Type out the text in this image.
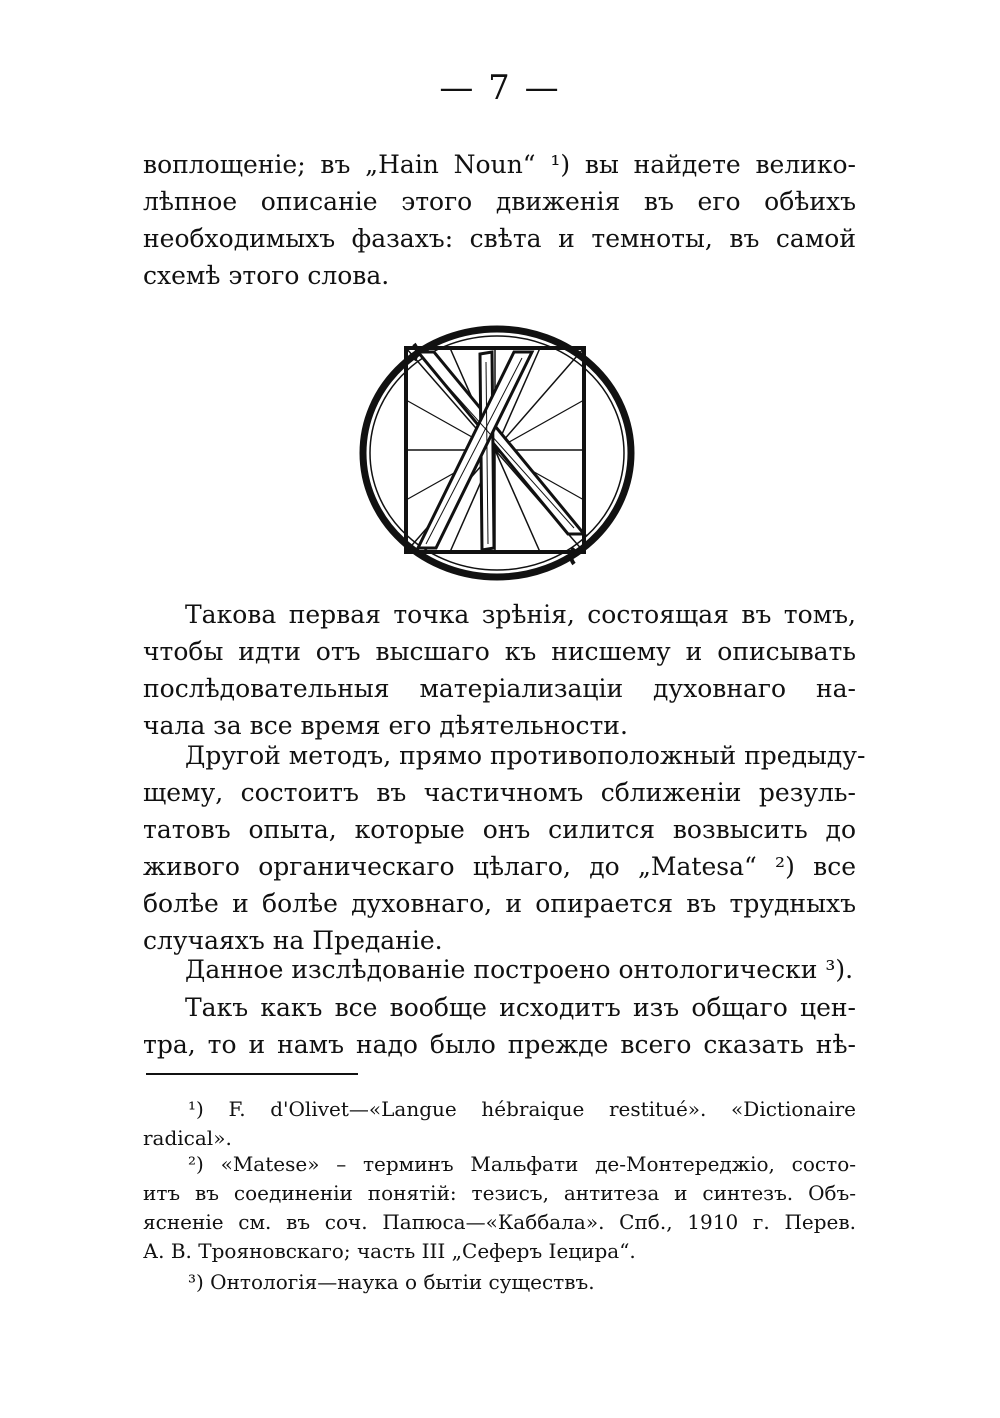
— 7 —
воплощенiе; въ „Hain Noun“ ¹) вы найдете велико-
лѣпное описанiе этого движенiя въ его обѣихъ
необходимыхъ фазахъ: свѣта и темноты, въ самой
схемѣ этого слова.
Такова первая точка зрѣнiя, состоящая въ томъ,
чтобы идти отъ высшаго къ нисшему и описывать
послѣдовательныя матерiализацiи духовнаго на-
чала за все время его дѣятельности.
Другой методъ, прямо противоположный предыду-
щему, состоитъ въ частичномъ сближенiи резуль-
татовъ опыта, которые онъ силится возвысить до
живого органическаго цѣлаго, до „Matesa“ ²) все
болѣе и болѣе духовнаго, и опирается въ трудныхъ
случаяхъ на Преданiе.
Данное изслѣдованiе построено онтологически ³).
Такъ какъ все вообще исходитъ изъ общаго цен-
тра, то и намъ надо было прежде всего сказать нѣ-
¹) F. d'Olivet—«Langue hébraique restitué». «Dictionaire
radical».
²) «Matese» – терминъ Мальфати де-Монтереджiо, состо-
итъ въ соединенiи понятiй: тезисъ, антитеза и синтезъ. Объ-
ясненiе см. въ соч. Папюса—«Каббала». Спб., 1910 г. Перев.
А. В. Трояновскаго; часть III „Сеферъ Iецира“.
³) Онтологiя—наука о бытiи существъ.
